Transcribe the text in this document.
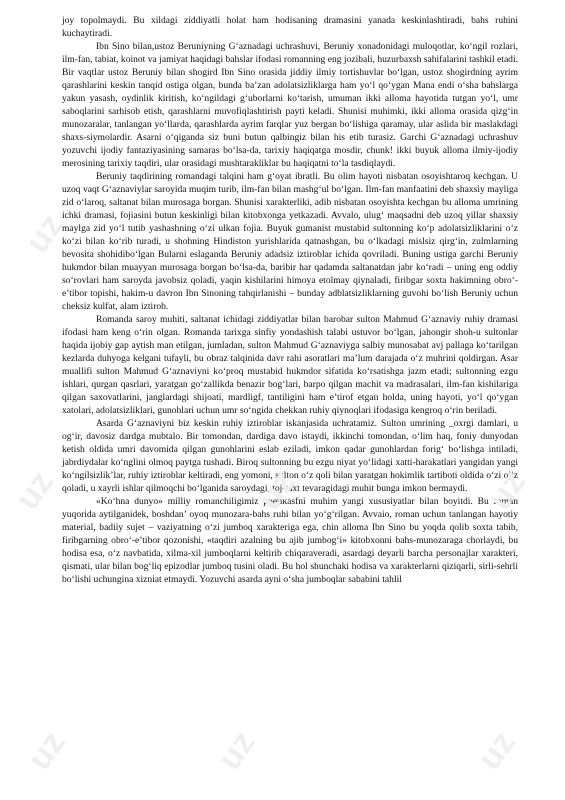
joy topolmaydi. Bu xildagi ziddiyatli holat ham hodisaning dramasini yanada keskinlashtiradi, bahs ruhini kuchaytiradi.

Ibn Sino bilan,ustoz Beruniyning G‘aznadagi uchrashuvi, Beruniy xonadonidagi muloqotlar, ko‘ngil rozlari, ilm-fan, tabiat, koinot va jamiyat haqidagi bahslar ifodasi romanning eng jozibali, huzurbaxsh sahifalarini tashkil etadi. Bir vaqtlar ustoz Beruniy bilan shogird Ibn Sino orasida jiddiy ilmiy tortishuvlar bo‘lgan, ustoz shogirdning ayrim qarashlarini keskin tanqid ostiga olgan, bunda ba’zan adolatsizliklarga ham yo‘l qo‘ygan Mana endi o‘sha bahslarga yakun yasash, oydinlik kiritish, ko‘ngildagi g‘uborlarni ko‘tarish, umuman ikki alloma hayotida tutgan yo‘l, umr saboqlarini sarhisob etish, qarashlarni muvofiqlashtirish payti keladi. Shunisi muhimki, ikki alloma orasida qizg‘in munozaralar, tanlangan yo‘llarda, qarashlarda ayrim farqlar yuz bergan bo‘lishiga qaramay, ular aslida bir maslakdagi shaxs-siymolardir. Asarni o‘qiganda siz buni butun qalbingiz bilan his etib turasiz. Garchi G‘aznadagi uchrashuv yozuvchi ijodiy fantaziyasining samaras bo‘lsa-da, tarixiy haqiqatga mosdir, chunk! ikki buyuk alloma ilmiy-ijodiy merosining tarixiy taqdiri, ular orasidagi mushtarakliklar bu haqiqatni to‘la tasdiqlaydi.

Beruniy taqdirining romandagi talqini ham g‘oyat ibratli. Bu olim hayoti nisbatan osoyishtaroq kechgan. U uzoq vaqt G‘aznaviylar saroyida muqim turib, ilm-fan bilan mashg‘ul bo‘lgan. Ilm-fan manfaatini deb shaxsiy mayliga zid o‘laroq, saltanat bilan murosaga borgan. Shunisi xarakterliki, adib nisbatan osoyishta kechgan bu alloma umrining ichki dramasi, fojiasini butun keskinligi bilan kitobxonga yetkazadi. Avvalo, ulug‘ maqsadni deb uzoq yillar shaxsiy maylga zid yo‘l tutib yashashning o‘zi ulkan fojia. Buyuk gumanist mustabid sultonning ko‘p adolatsizliklarini o‘z ko‘zi bilan ko‘rib turadi, u shohning Hindiston yurishlarida qatnashgan, bu o‘lkadagi mislsiz qirg‘in, zulmlarning bevosita shohidibo‘lgan Bularni eslaganda Beruniy adadsiz iztiroblar ichida qovriladi. Buning ustiga garchi Beruniy hukmdor bilan muayyan murosaga borgan bo‘lsa-da, baribir har qadamda saltanatdan jabr ko‘radi – uning eng oddiy so‘rovlari ham saroyda javobsiz qoladi, yaqin kishilarini himoya etolmay qiynaladi, firibgar soxta hakimning obro‘-e’tibor topishi, hakim-u davron Ibn Sinoning tahqirlanishi – bunday adblatsizliklarning guvohi bo‘lish Beruniy uchun cheksiz kulfat, alam iztirob.

Romanda saroy muhiti, saltanat ichidagi ziddiyatlar bilan barobar sulton Mahmud G‘aznaviy ruhiy dramasi ifodasi ham keng o‘rin olgan. Romanda tarixga sinfiy yondashish talabi ustuvor bo‘lgan, jahongir shoh-u sultonlar haqida ijobiy gap aytish man etilgan, jumladan, sulton Mahmud G‘aznaviyga salbiy munosabat avj pallaga ko‘tarilgan kezlarda duhyoga kelgani tufayli, bu obraz talqinida davr rahi asoratlari ma’lum darajada o‘z muhrini qoldirgan. Asar muallifi sulton Mahmud G‘aznaviyni ko‘proq mustabid hukmdor sifatida ko‘rsatishga jazm etadi; sultonning ezgu ishlari, qurgan qasrlari, yaratgan go‘zallikda benazir bog‘lari, barpo qilgan machit va madrasalari, ilm-fan kishilariga qilgan saxovatlarini, janglardagi shijoati, mardligf, tantiligini ham e’tirof etgan holda, uning hayoti, yo‘l qo‘ygan xatolari, adolatsizliklari, gunohlari uchun umr so‘ngida chekkan ruhiy qiynoqlari ifodasiga kengroq o‘rin beriladi.

Asarda G‘aznaviyni biz keskin ruhiy iztiroblar iskanjasida uchratamiz. Sulton umrining _oxrgi damlari, u og‘ir, davosiz dardga mubtalo. Bir tomondan, dardiga davo istaydi, ikkinchi tomondan, o‘lim haq, foniy dunyodan ketish oldida umri davomida qilgan gunohlarini eslab eziladi, imkon qadar gunohlardan forig‘ bo‘lishga intiladi, jabrdiydalar ko‘nglini olmoq paytga tushadi. Biroq sultonning bu ezgu niyat yo‘lidagi xatti-harakatlari yangidan yangi ko‘ngilsizlik’lar, ruhiy iztiroblar keltiradi, eng yomoni, sulton o‘z qoli bilan yaratgan hokimlik tartiboti oldida o‘zi ojiz qoladi, u xayrli ishlar qilmoqchi bo‘lganida saroydagi, toj-taxt tevaragidagi muhit bunga imkon bermaydi.

«Ko‘hna dunyo» milliy romanchiligimiz poetikasfni muhim yangi xususiyatlar bilan boyitdi. Bu roman yuqorida aytilganidek, boshdan’ oyoq munozara-bahs ruhi bilan yo‘g‘rilgan. Avvaio, roman uchun tanlangan hayotiy material, badiiy sujet – vaziyatning o‘zi jumboq xarakteriga ega, chin alloma Ibn Sino bu yoqda qolib soxta tabib, firibgarning obro‘-e’tibor qozonishi, «taqdiri azalning bu ajib jumbog‘i» kitobxonni bahs-munozaraga chorlaydi, bu hodisa esa, o‘z navbatida, xilma-xil jumboqlarni keltirib chiqaraveradi, asardagi deyarli barcha personajlar xarakteri, qismati, ular bilan bog‘liq epizodlar jumboq tusini oladi. Bu hol shunchaki hodisa va xarakterlarni qiziqarli, sirli-sehrli bo‘lishi uchungina xizniat etmaydi. Yozuvchi asarda ayni o‘sha jumboqlar sababini tahlil

uz
uz	uz	uz
uz	uz	uz
